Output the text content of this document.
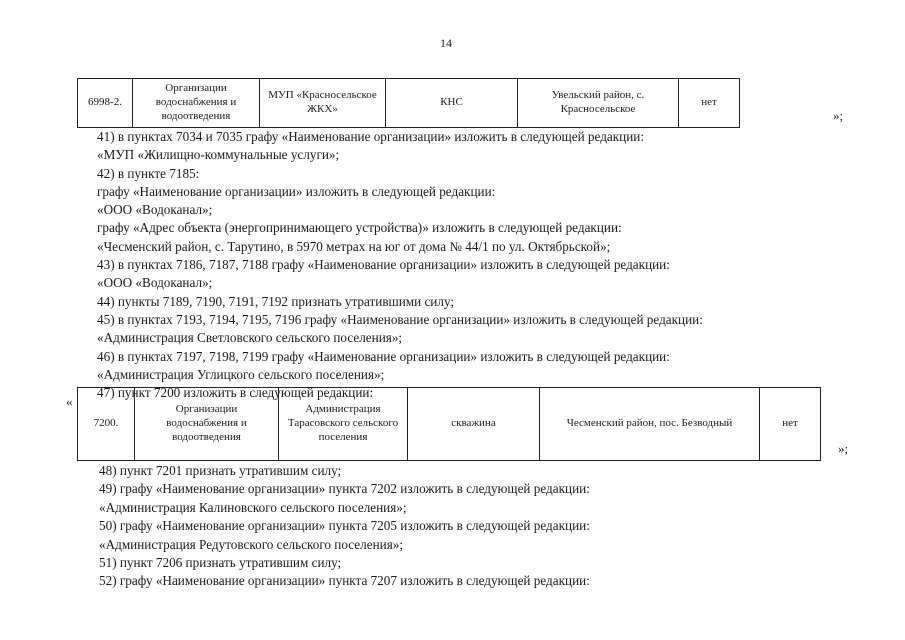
14
6998-2.	Организации водоснабжения и водоотведения	МУП «Красносельское ЖКХ»	КНС	Увельский район, с. Красносельское	нет
»;
41) в пунктах 7034 и 7035 графу «Наименование организации» изложить в следующей редакции:
«МУП «Жилищно-коммунальные услуги»;
42) в пункте 7185:
графу «Наименование организации» изложить в следующей редакции:
«ООО «Водоканал»;
графу «Адрес объекта (энергопринимающего устройства)» изложить в следующей редакции:
«Чесменский район, с. Тарутино, в 5970 метрах на юг от дома № 44/1 по ул. Октябрьской»;
43) в пунктах 7186, 7187, 7188 графу «Наименование организации» изложить в следующей редакции:
«ООО «Водоканал»;
44) пункты 7189, 7190, 7191, 7192 признать утратившими силу;
45) в пунктах 7193, 7194, 7195, 7196 графу «Наименование организации» изложить в следующей редакции:
«Администрация Светловского сельского поселения»;
46) в пунктах 7197, 7198, 7199 графу «Наименование организации» изложить в следующей редакции:
«Администрация Углицкого сельского поселения»;
47) пункт 7200 изложить в следующей редакции:
«
7200.	Организации водоснабжения и водоотведения	Администрация Тарасовского сельского поселения	скважина	Чесменский район, пос. Безводный	нет
»;
48) пункт 7201 признать утратившим силу;
49) графу «Наименование организации» пункта 7202 изложить в следующей редакции:
«Администрация Калиновского сельского поселения»;
50) графу «Наименование организации» пункта 7205 изложить в следующей редакции:
«Администрация Редутовского сельского поселения»;
51) пункт 7206 признать утратившим силу;
52) графу «Наименование организации» пункта 7207 изложить в следующей редакции:
